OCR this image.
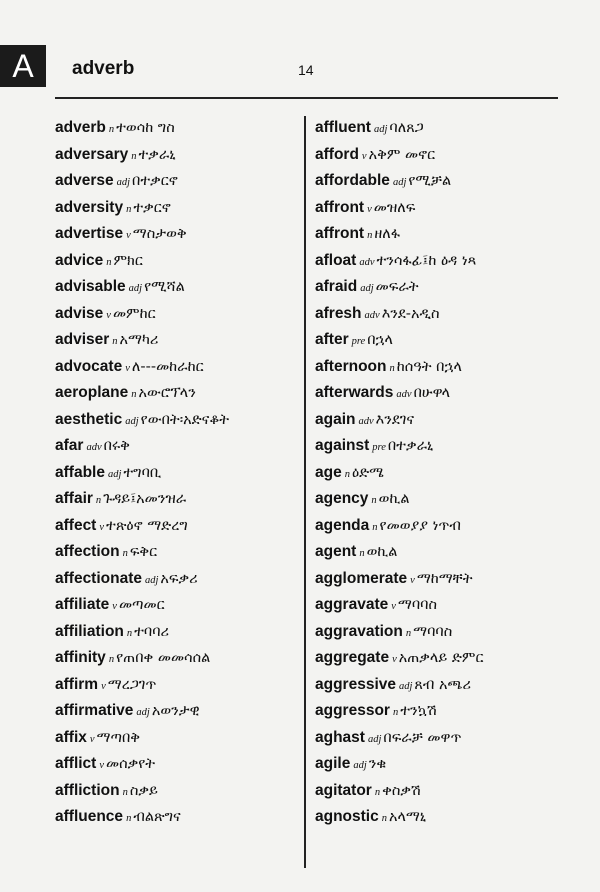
A	adverb	14
adverb n ተወሳከ ግስ
adversary n ተቃራኒ
adverse adj በተቃርኖ
adversity n ተቃርኖ
advertise v ማስታወቅ
advice n ምክር
advisable adj የሚሻል
advise v መምከር
adviser n አማካሪ
advocate v ለ---መከራከር
aeroplane n አውሮፕላን
aesthetic adj የውበት፡አድናቆት
afar adv በሩቅ
affable adj ተግባቢ
affair n ጉዳይ፤አመንዝራ
affect v ተጽዕኖ ማድረግ
affection n ፍቅር
affectionate adj አፍቃሪ
affiliate v መጣመር
affiliation n ተባባሪ
affinity n የጠበቀ መመሳሰል
affirm v ማረጋገጥ
affirmative adj አወንታዊ
affix v ማጣበቅ
afflict v መሰቃየት
affliction n ስቃይ
affluence n ብልጽግና
affluent adj ባለጸጋ
afford v አቅም መኖር
affordable adj የሚቻል
affront v መዝለፍ
affront n ዘለፋ
afloat adv ተንሳፋፊ፤ከ ዕዳ ነጻ
afraid adj መፍራት
afresh adv እንደ-አዲስ
after pre በኋላ
afternoon n ከሰዓት በኋላ
afterwards adv በሁዋላ
again adv እንደገና
against pre በተቃራኒ
age n ዕድሜ
agency n ወኪል
agenda n የመወያያ ነጥብ
agent n ወኪል
agglomerate v ማከማቸት
aggravate v ማባባስ
aggravation n ማባባስ
aggregate v አጠቃላይ ድምር
aggressive adj ጸብ አጫሪ
aggressor n ተንኳሽ
aghast adj በፍራቻ መዋጥ
agile adj ንቁ
agitator n ቀስቃሽ
agnostic n አላማኒ
